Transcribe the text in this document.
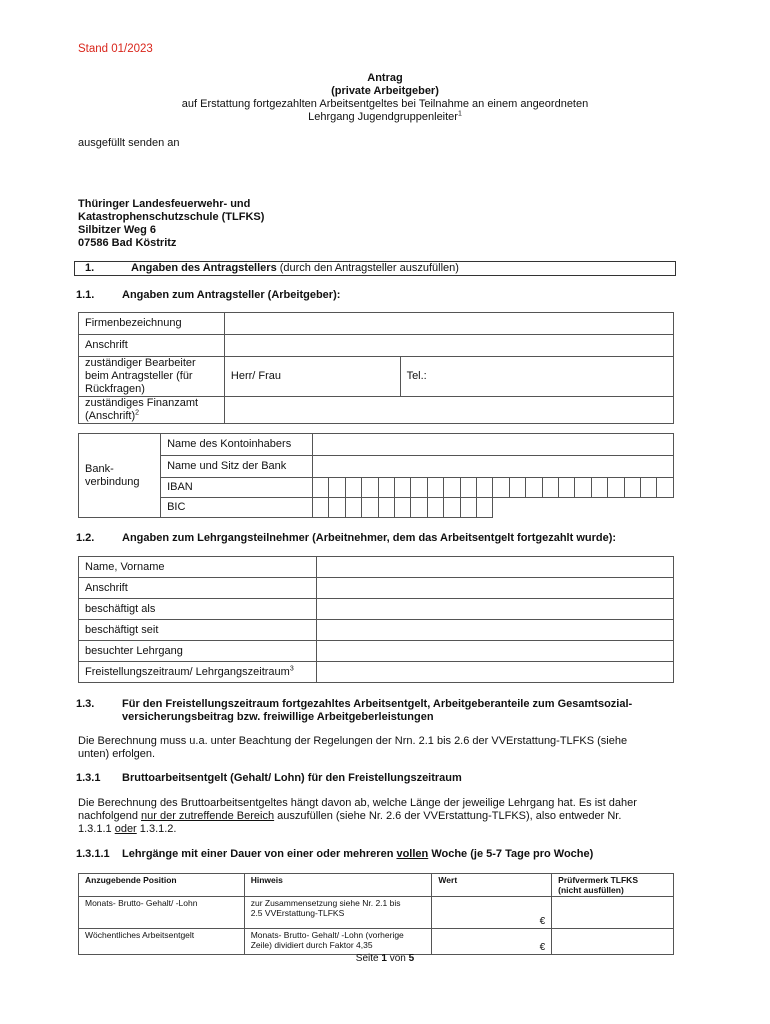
Stand 01/2023
Antrag
(private Arbeitgeber)
auf Erstattung fortgezahlten Arbeitsentgeltes bei Teilnahme an einem angeordneten
Lehrgang Jugendgruppenleiter$^1$
ausgefüllt senden an
Thüringer Landesfeuerwehr- und
Katastrophenschutzschule (TLFKS)
Silbitzer Weg 6
07586 Bad Köstritz
1.	Angaben des Antragstellers (durch den Antragsteller auszufüllen)
1.1.	Angaben zum Antragsteller (Arbeitgeber):
Firmenbezeichnung		
Anschrift		

zuständiger Bearbeiter
beim Antragsteller (für
Rückfragen)	Herr/ Frau	Tel.:

zuständiges Finanzamt
(Anschrift)$^2$

Bank-
verbindung	Name des Kontoinhabers																						
	Name und Sitz der Bank																						
	IBAN																						
	BIC																						
1.2.	Angaben zum Lehrgangsteilnehmer (Arbeitnehmer, dem das Arbeitsentgelt fortgezahlt wurde):
Name, Vorname	
Anschrift	
beschäftigt als	
beschäftigt seit	
besuchter Lehrgang	
Freistellungszeitraum/ Lehrgangszeitraum$^3$	
1.3.	Für den Freistellungszeitraum fortgezahltes Arbeitsentgelt, Arbeitgeberanteile zum Gesamtsozial-
versicherungsbeitrag bzw. freiwillige Arbeitgeberleistungen
Die Berechnung muss u.a. unter Beachtung der Regelungen der Nrn. 2.1 bis 2.6 der VVErstattung-TLFKS (siehe
unten) erfolgen.
1.3.1 Bruttoarbeitsentgelt (Gehalt/ Lohn) für den Freistellungszeitraum
Die Berechnung des Bruttoarbeitsentgeltes hängt davon ab, welche Länge der jeweilige Lehrgang hat. Es ist daher
nachfolgend nur der zutreffende Bereich auszufüllen (siehe Nr. 2.6 der VVErstattung-TLFKS), also entweder Nr.
1.3.1.1 oder 1.3.1.2.
1.3.1.1 Lehrgänge mit einer Dauer von einer oder mehreren vollen Woche (je 5-7 Tage pro Woche)
Anzugebende Position	Hinweis	Wert	Prüfvermerk TLFKS
(nicht ausfüllen)

Monats- Brutto- Gehalt/ -Lohn	zur Zusammensetzung siehe Nr. 2.1 bis
2.5 VVErstattung-TLFKS	€	
Wöchentliches Arbeitsentgelt	Monats- Brutto- Gehalt/ -Lohn (vorherige
Zeile) dividiert durch Faktor 4,35	€	
Seite 1 von 5
